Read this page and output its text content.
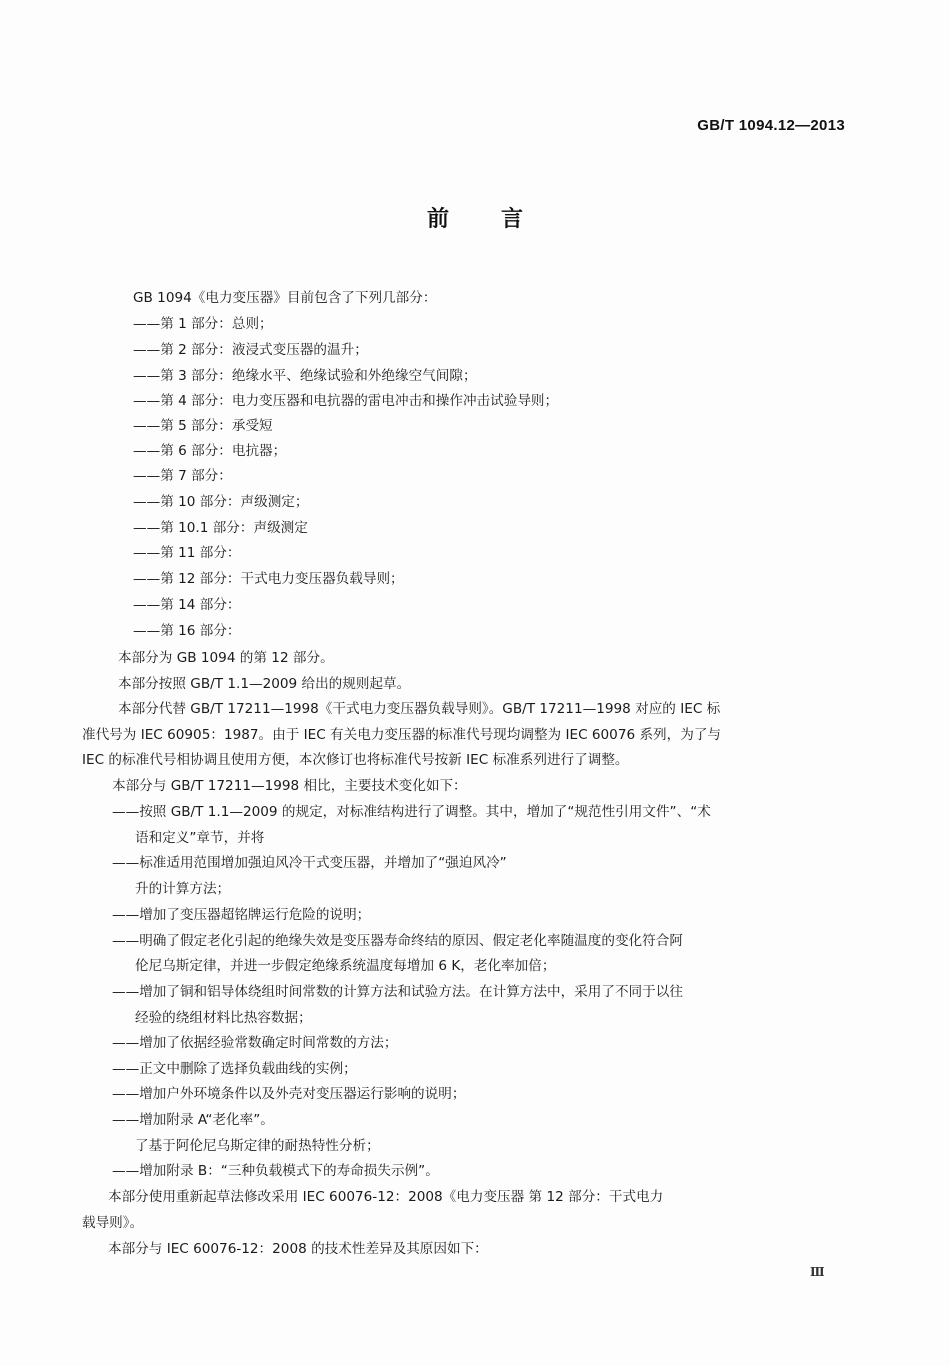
GB/T 1094.12—2013
前 言
GB 1094《电力变压器》目前包含了下列几部分：
——第 1 部分：总则；
——第 2 部分：液浸式变压器的温升；
——第 3 部分：绝缘水平、绝缘试验和外绝缘空气间隙；
——第 4 部分：电力变压器和电抗器的雷电冲击和操作冲击试验导则；
——第 5 部分：承受短
——第 6 部分：电抗器；
——第 7 部分：
——第 10 部分：声级测定；
——第 10.1 部分：声级测定
——第 11 部分：
——第 12 部分：干式电力变压器负载导则；
——第 14 部分：
——第 16 部分：
本部分为 GB 1094 的第 12 部分。
本部分按照 GB/T 1.1—2009 给出的规则起草。
本部分代替 GB/T 17211—1998《干式电力变压器负载导则》。GB/T 17211—1998 对应的 IEC 标
准代号为 IEC 60905：1987。由于 IEC 有关电力变压器的标准代号现均调整为 IEC 60076 系列，为了与
IEC 的标准代号相协调且使用方便，本次修订也将标准代号按新 IEC 标准系列进行了调整。
本部分与 GB/T 17211—1998 相比，主要技术变化如下：
——按照 GB/T 1.1—2009 的规定，对标准结构进行了调整。其中，增加了“规范性引用文件”、“术
语和定义”章节，并将
——标准适用范围增加强迫风冷干式变压器，并增加了“强迫风冷”
升的计算方法；
——增加了变压器超铭牌运行危险的说明；
——明确了假定老化引起的绝缘失效是变压器寿命终结的原因、假定老化率随温度的变化符合阿
伦尼乌斯定律，并进一步假定绝缘系统温度每增加 6 K，老化率加倍；
——增加了铜和铝导体绕组时间常数的计算方法和试验方法。在计算方法中，采用了不同于以往
经验的绕组材料比热容数据；
——增加了依据经验常数确定时间常数的方法；
——正文中删除了选择负载曲线的实例；
——增加户外环境条件以及外壳对变压器运行影响的说明；
——增加附录 A“老化率”。
了基于阿伦尼乌斯定律的耐热特性分析；
——增加附录 B：“三种负载模式下的寿命损失示例”。
本部分使用重新起草法修改采用 IEC 60076-12：2008《电力变压器 第 12 部分：干式电力
载导则》。
本部分与 IEC 60076-12：2008 的技术性差异及其原因如下：
Ⅲ
